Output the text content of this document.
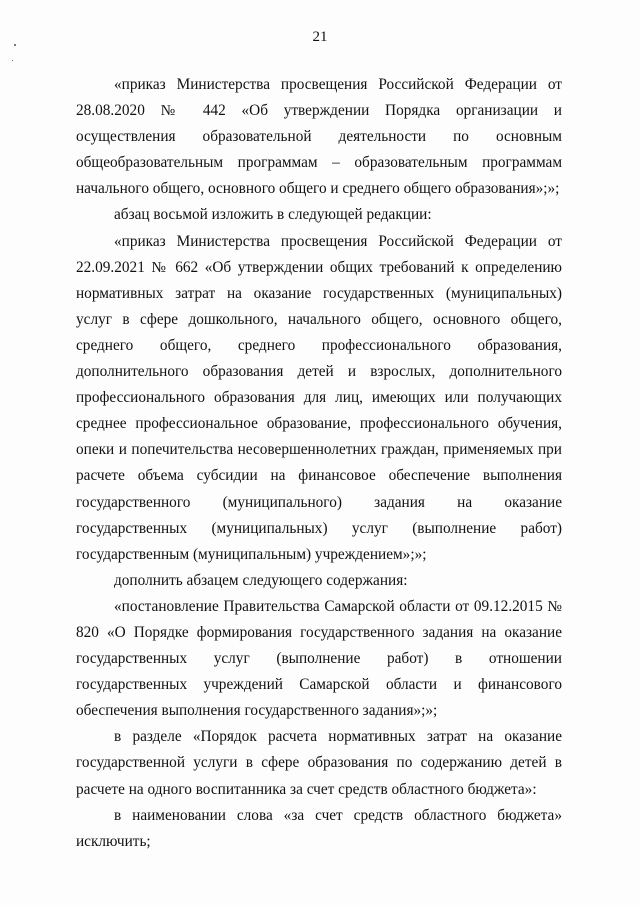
21

«приказ Министерства просвещения Российской Федерации от 28.08.2020 № 442 «Об утверждении Порядка организации и осуществления образовательной деятельности по основным общеобразовательным программам – образовательным программам начального общего, основного общего и среднего общего образования»;»;

абзац восьмой изложить в следующей редакции:

«приказ Министерства просвещения Российской Федерации от 22.09.2021 № 662 «Об утверждении общих требований к определению нормативных затрат на оказание государственных (муниципальных) услуг в сфере дошкольного, начального общего, основного общего, среднего общего, среднего профессионального образования, дополнительного образования детей и взрослых, дополнительного профессионального образования для лиц, имеющих или получающих среднее профессиональное образование, профессионального обучения, опеки и попечительства несовершеннолетних граждан, применяемых при расчете объема субсидии на финансовое обеспечение выполнения государственного (муниципального) задания на оказание государственных (муниципальных) услуг (выполнение работ) государственным (муниципальным) учреждением»;»;

дополнить абзацем следующего содержания:

«постановление Правительства Самарской области от 09.12.2015 № 820 «О Порядке формирования государственного задания на оказание государственных услуг (выполнение работ) в отношении государственных учреждений Самарской области и финансового обеспечения выполнения государственного задания»;»;

в разделе «Порядок расчета нормативных затрат на оказание государственной услуги в сфере образования по содержанию детей в расчете на одного воспитанника за счет средств областного бюджета»:

в наименовании слова «за счет средств областного бюджета» исключить;
